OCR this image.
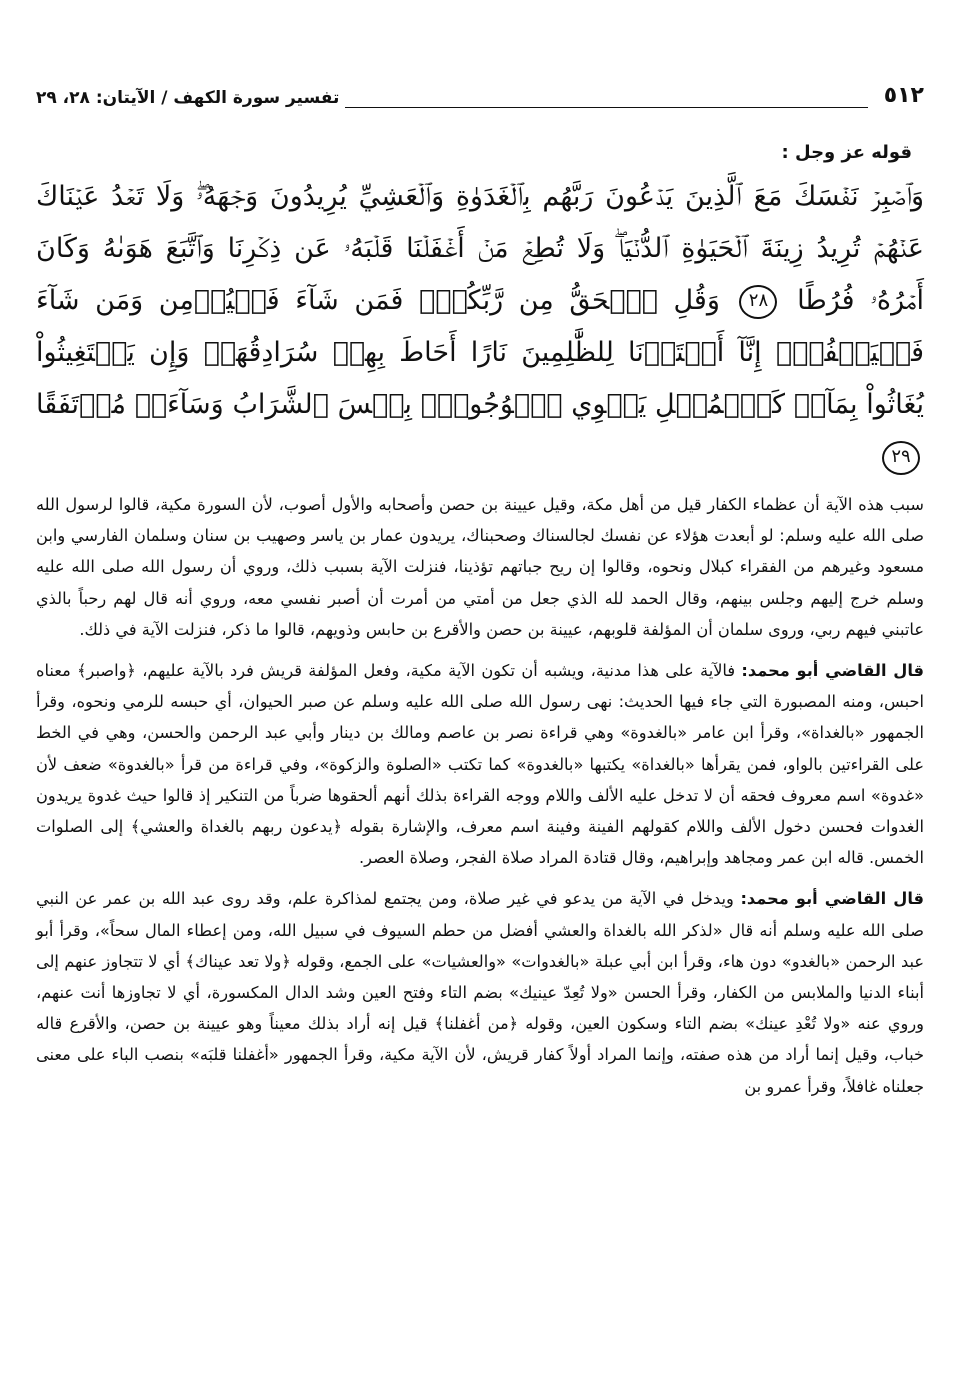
٥١٢
تفسير سورة الكهف / الآيتان: ٢٨، ٢٩
قوله عز وجل :
وَٱصۡبِرۡ نَفۡسَكَ مَعَ ٱلَّذِينَ يَدۡعُونَ رَبَّهُم بِٱلۡغَدَوٰةِ وَٱلۡعَشِيِّ يُرِيدُونَ وَجۡهَهُۥۖ وَلَا تَعۡدُ عَيۡنَاكَ عَنۡهُمۡ تُرِيدُ زِينَةَ ٱلۡحَيَوٰةِ ٱلدُّنۡيَاۖ وَلَا تُطِعۡ مَنۡ أَغۡفَلۡنَا قَلۡبَهُۥ عَن ذِكۡرِنَا وَٱتَّبَعَ هَوَىٰهُ وَكَانَ أَمۡرُهُۥ فُرُطًا ٢٨ وَقُلِ ٱلۡحَقُّ مِن رَّبِّكُمۡۖ فَمَن شَآءَ فَلۡيُؤۡمِن وَمَن شَآءَ فَلۡيَكۡفُرۡۚ إِنَّآ أَعۡتَدۡنَا لِلظَّٰلِمِينَ نَارًا أَحَاطَ بِهِمۡ سُرَادِقُهَاۚ وَإِن يَسۡتَغِيثُواْ يُغَاثُواْ بِمَآءٖ كَٱلۡمُهۡلِ يَشۡوِي ٱلۡوُجُوهَۚ بِئۡسَ ٱلشَّرَابُ وَسَآءَتۡ مُرۡتَفَقًا ٢٩

سبب هذه الآية أن عظماء الكفار قيل من أهل مكة، وقيل عيينة بن حصن وأصحابه والأول أصوب، لأن السورة مكية، قالوا لرسول الله صلى الله عليه وسلم: لو أبعدت هؤلاء عن نفسك لجالسناك وصحبناك، يريدون عمار بن ياسر وصهيب بن سنان وسلمان الفارسي وابن مسعود وغيرهم من الفقراء كبلال ونحوه، وقالوا إن ريح جباتهم تؤذينا، فنزلت الآية بسبب ذلك، وروي أن رسول الله صلى الله عليه وسلم خرج إليهم وجلس بينهم، وقال الحمد لله الذي جعل من أمتي من أمرت أن أصبر نفسي معه، وروي أنه قال لهم رحباً بالذي عاتبني فيهم ربي، وروى سلمان أن المؤلفة قلوبهم، عيينة بن حصن والأقرع بن حابس وذويهم، قالوا ما ذكر، فنزلت الآية في ذلك.

قال القاضي أبو محمد: فالآية على هذا مدنية، ويشبه أن تكون الآية مكية، وفعل المؤلفة قريش فرد بالآية عليهم، ﴿واصبر﴾ معناه احبس، ومنه المصبورة التي جاء فيها الحديث: نهى رسول الله صلى الله عليه وسلم عن صبر الحيوان، أي حبسه للرمي ونحوه، وقرأ الجمهور «بالغداة»، وقرأ ابن عامر «بالغدوة» وهي قراءة نصر بن عاصم ومالك بن دينار وأبي عبد الرحمن والحسن، وهي في الخط على القراءتين بالواو، فمن يقرأها «بالغداة» يكتبها «بالغدوة» كما تكتب «الصلوة والزكوة»، وفي قراءة من قرأ «بالغدوة» ضعف لأن «غدوة» اسم معروف فحقه أن لا تدخل عليه الألف واللام ووجه القراءة بذلك أنهم ألحقوها ضرباً من التنكير إذ قالوا حيث غدوة يريدون الغدوات فحسن دخول الألف واللام كقولهم الفينة وفينة اسم معرف، والإشارة بقوله ﴿يدعون ربهم بالغداة والعشي﴾ إلى الصلوات الخمس. قاله ابن عمر ومجاهد وإبراهيم، وقال قتادة المراد صلاة الفجر، وصلاة العصر.

قال القاضي أبو محمد: ويدخل في الآية من يدعو في غير صلاة، ومن يجتمع لمذاكرة علم، وقد روى عبد الله بن عمر عن النبي صلى الله عليه وسلم أنه قال «لذكر الله بالغداة والعشي أفضل من حطم السيوف في سبيل الله، ومن إعطاء المال سحاً»، وقرأ أبو عبد الرحمن «بالغدو» دون هاء، وقرأ ابن أبي عبلة «بالغدوات» «والعشيات» على الجمع، وقوله ﴿ولا تعد عيناك﴾ أي لا تتجاوز عنهم إلى أبناء الدنيا والملابس من الكفار، وقرأ الحسن «ولا تُعِدّ عينيك» بضم التاء وفتح العين وشد الدال المكسورة، أي لا تجاوزها أنت عنهم، وروي عنه «ولا تُعْدِ عينك» بضم التاء وسكون العين، وقوله ﴿من أغفلنا﴾ قيل إنه أراد بذلك معيناً وهو عيينة بن حصن، والأقرع قاله خباب، وقيل إنما أراد من هذه صفته، وإنما المراد أولاً كفار قريش، لأن الآية مكية، وقرأ الجمهور «أغفلنا قلبَه» بنصب الباء على معنى جعلناه غافلاً، وقرأ عمرو بن
